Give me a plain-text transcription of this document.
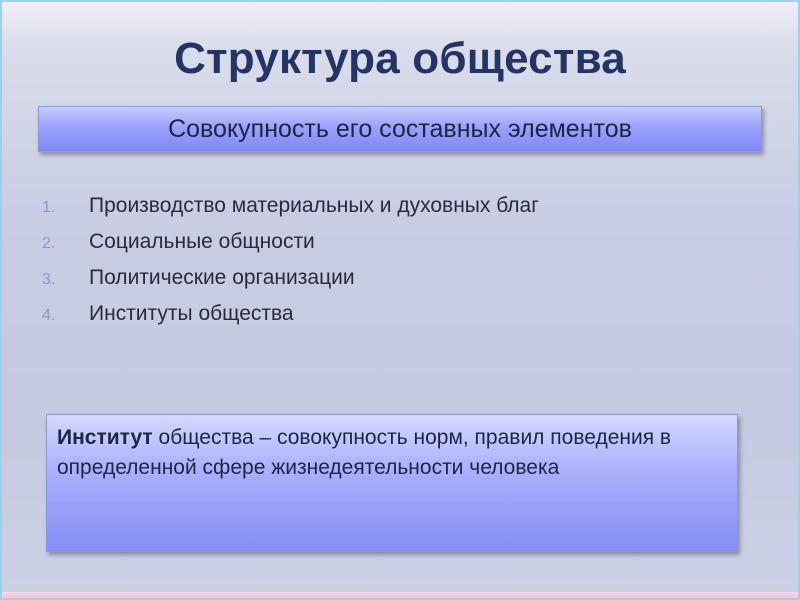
Структура общества
Совокупность его составных элементов
1.	Производство материальных и духовных благ
2.	Социальные общности
3.	Политические организации
4.	Институты общества
Институт общества – совокупность норм, правил поведения в определенной сфере жизнедеятельности человека
